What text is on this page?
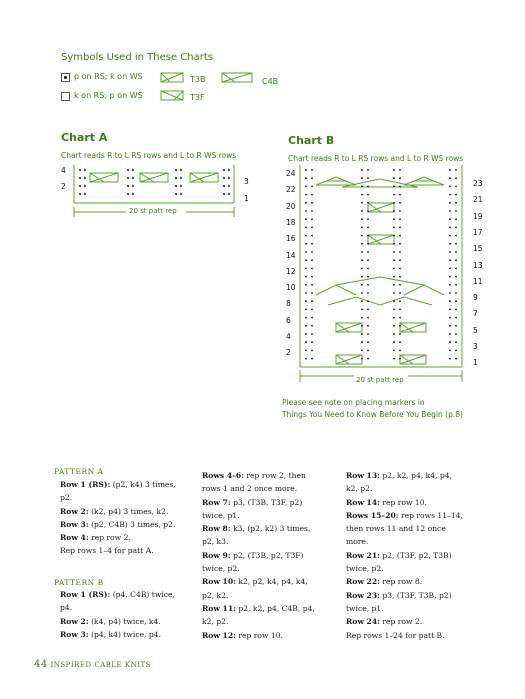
Symbols Used in These Charts
p on RS; k on WS
k on RS; p on WS
T3B
T3F
C4B
Chart A
Chart reads R to L RS rows and L to R WS rows
4
2
3
1
20 st patt rep
Chart B
Chart reads R to L RS rows and L to R WS rows
24
22
20
18
16
14
12
10
8
6
4
2
23
21
19
17
15
13
11
9
7
5
3
1
20 st patt rep
Please see note on placing markers in
Things You Need to Know Before You Begin (p.8)
PATTERN A
Row 1 (RS): (p2, k4) 3 times,
p2.
Row 2: (k2, p4) 3 times, k2.
Row 3: (p2, C4B) 3 times, p2.
Row 4: rep row 2.
Rep rows 1–4 for patt A.
PATTERN B
Row 1 (RS): (p4, C4B) twice,
p4.
Row 2: (k4, p4) twice, k4.
Row 3: (p4, k4) twice, p4.
Rows 4–6: rep row 2, then
rows 1 and 2 once more.
Row 7: p3, (T3B, T3F, p2)
twice, p1.
Row 8: k3, (p2, k2) 3 times,
p2, k3.
Row 9: p2, (T3B, p2, T3F)
twice, p2.
Row 10: k2, p2, k4, p4, k4,
p2, k2.
Row 11: p2, k2, p4, C4B, p4,
k2, p2.
Row 12: rep row 10.
Row 13: p2, k2, p4, k4, p4,
k2, p2.
Row 14: rep row 10.
Rows 15–20: rep rows 11–14,
then rows 11 and 12 once
more.
Row 21: p2, (T3F, p2, T3B)
twice, p2.
Row 22: rep row 8.
Row 23: p3, (T3F, T3B, p2)
twice, p1.
Row 24: rep row 2.
Rep rows 1–24 for patt B.
44 INSPIRED CABLE KNITS
